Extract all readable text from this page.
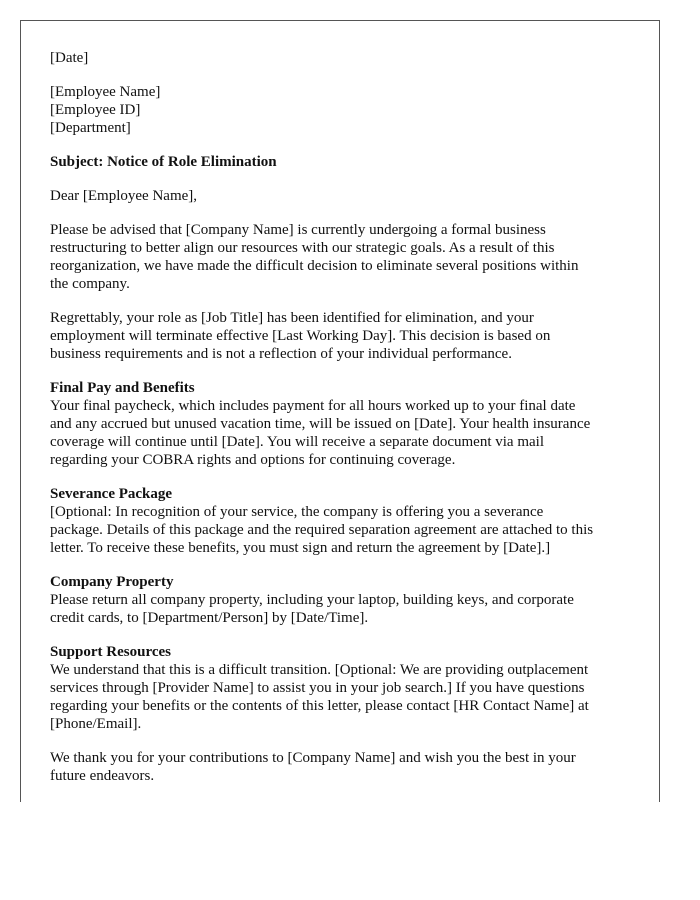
[Date]
[Employee Name]
[Employee ID]
[Department]
Subject: Notice of Role Elimination
Dear [Employee Name],
Please be advised that [Company Name] is currently undergoing a formal business
restructuring to better align our resources with our strategic goals. As a result of this
reorganization, we have made the difficult decision to eliminate several positions within
the company.
Regrettably, your role as [Job Title] has been identified for elimination, and your
employment will terminate effective [Last Working Day]. This decision is based on
business requirements and is not a reflection of your individual performance.
Final Pay and Benefits
Your final paycheck, which includes payment for all hours worked up to your final date
and any accrued but unused vacation time, will be issued on [Date]. Your health insurance
coverage will continue until [Date]. You will receive a separate document via mail
regarding your COBRA rights and options for continuing coverage.
Severance Package
[Optional: In recognition of your service, the company is offering you a severance
package. Details of this package and the required separation agreement are attached to this
letter. To receive these benefits, you must sign and return the agreement by [Date].]
Company Property
Please return all company property, including your laptop, building keys, and corporate
credit cards, to [Department/Person] by [Date/Time].
Support Resources
We understand that this is a difficult transition. [Optional: We are providing outplacement
services through [Provider Name] to assist you in your job search.] If you have questions
regarding your benefits or the contents of this letter, please contact [HR Contact Name] at
[Phone/Email].
We thank you for your contributions to [Company Name] and wish you the best in your
future endeavors.
